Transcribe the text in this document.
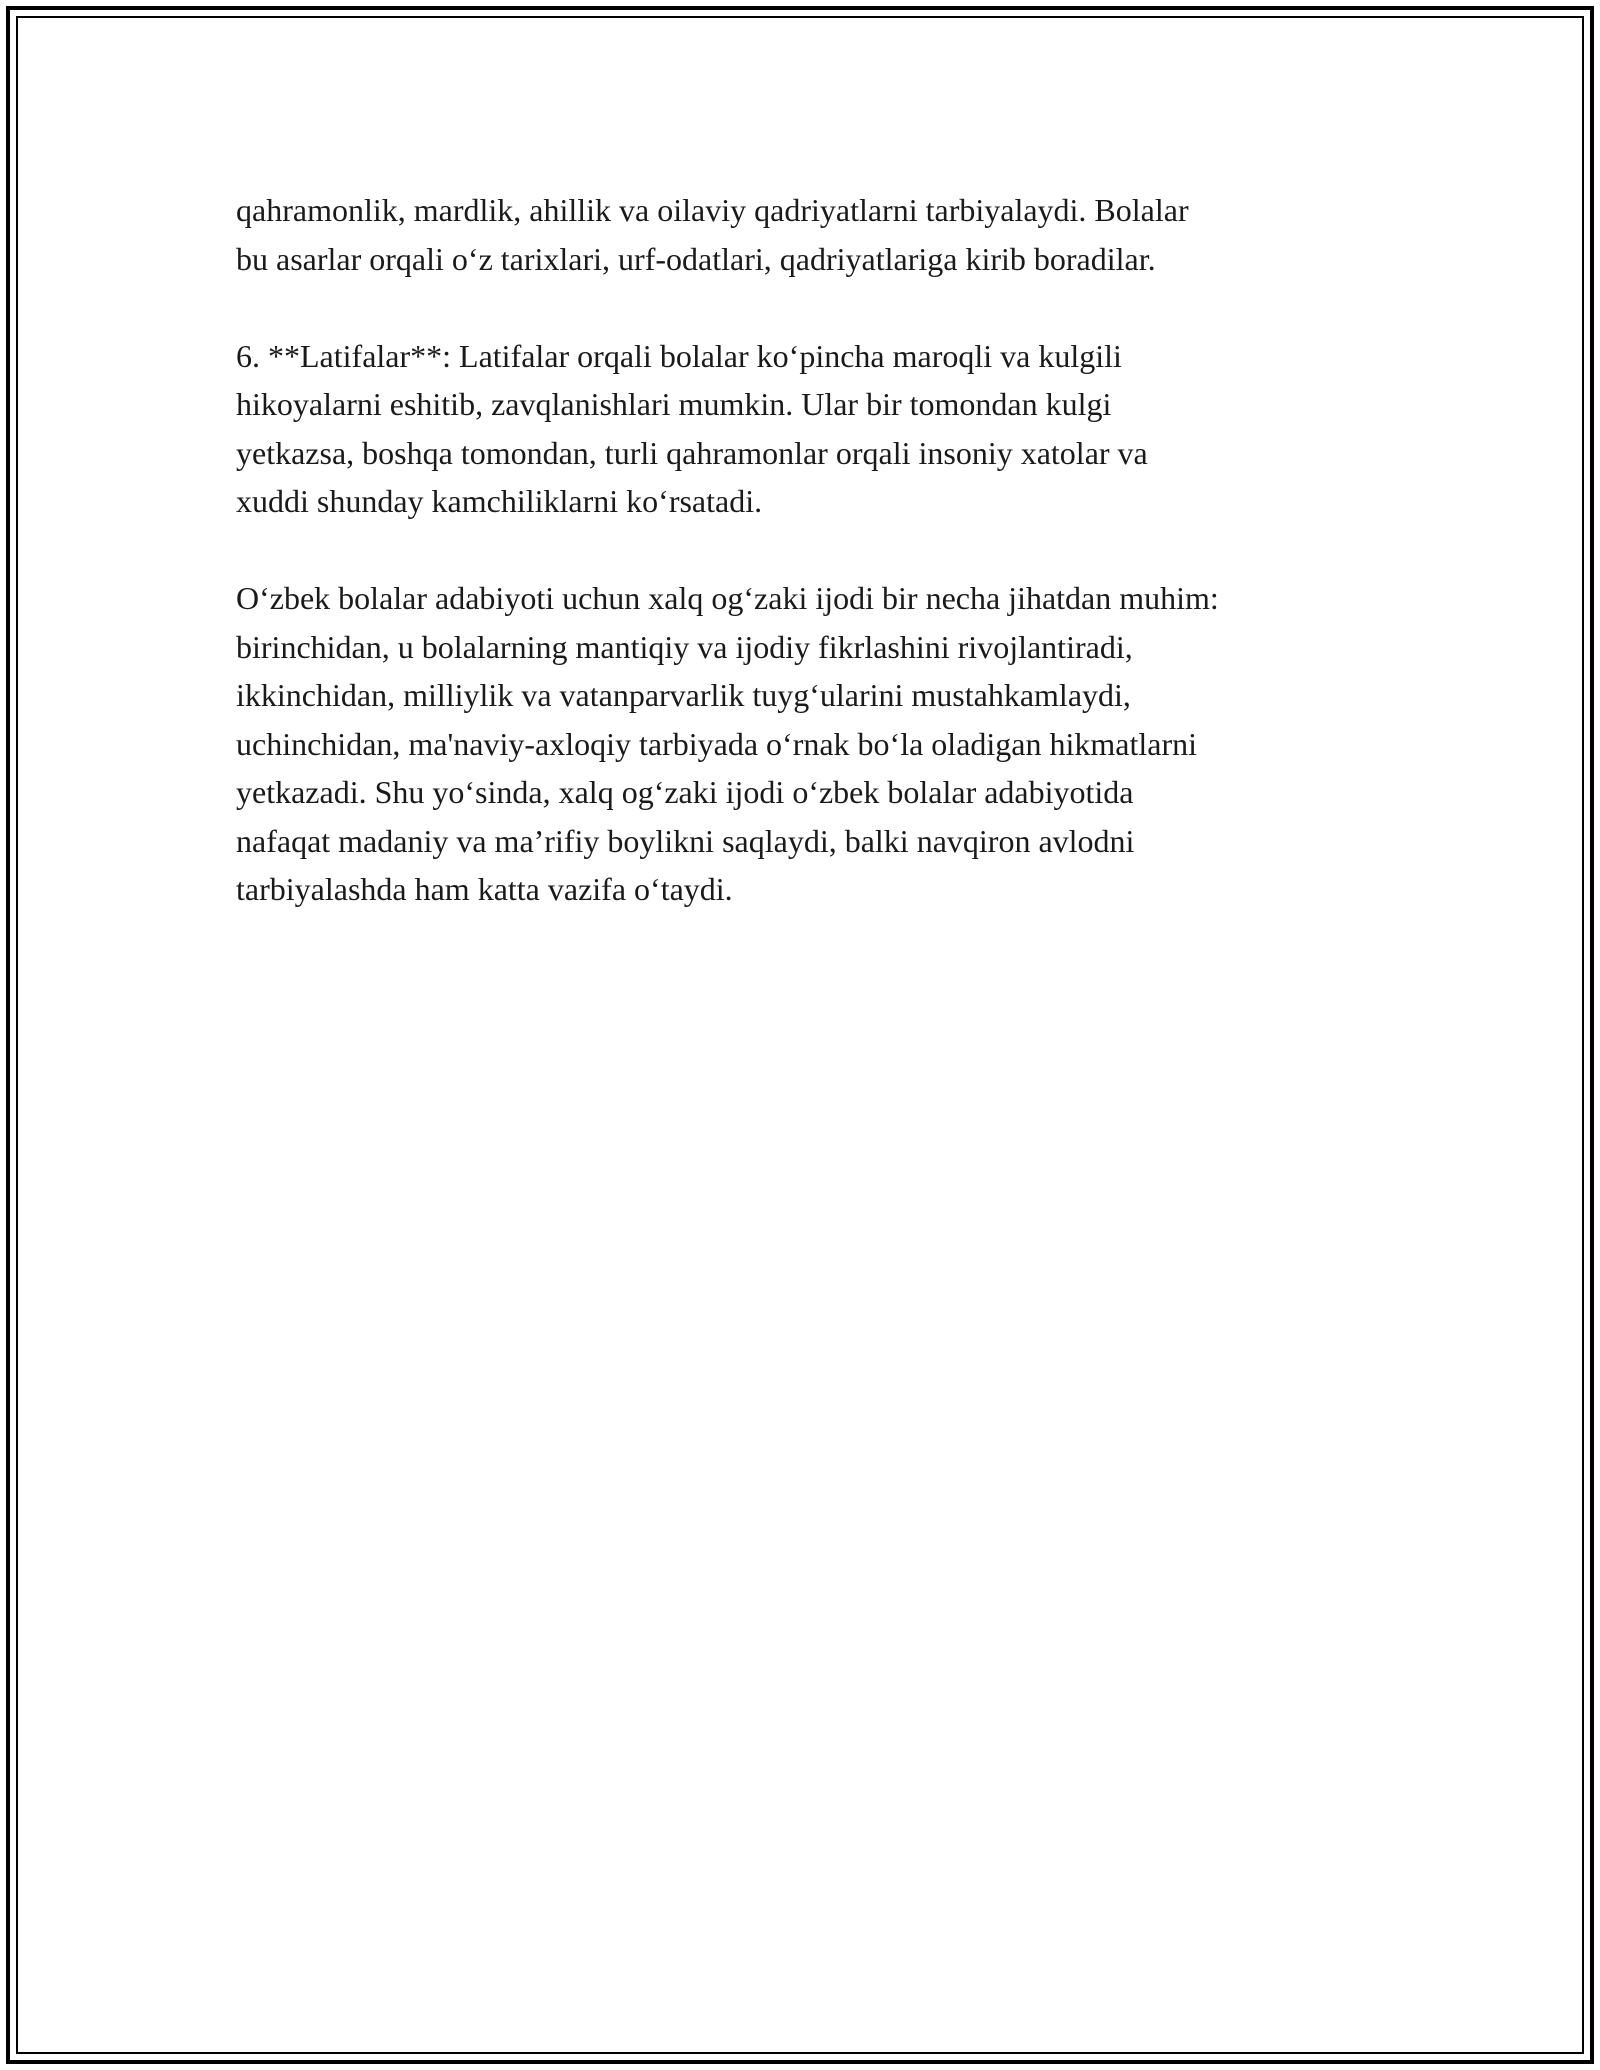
qahramonlik, mardlik, ahillik va oilaviy qadriyatlarni tarbiyalaydi. Bolalar
bu asarlar orqali o‘z tarixlari, urf-odatlari, qadriyatlariga kirib boradilar.

6. **Latifalar**: Latifalar orqali bolalar ko‘pincha maroqli va kulgili
hikoyalarni eshitib, zavqlanishlari mumkin. Ular bir tomondan kulgi
yetkazsa, boshqa tomondan, turli qahramonlar orqali insoniy xatolar va
xuddi shunday kamchiliklarni ko‘rsatadi.

O‘zbek bolalar adabiyoti uchun xalq og‘zaki ijodi bir necha jihatdan muhim:
birinchidan, u bolalarning mantiqiy va ijodiy fikrlashini rivojlantiradi,
ikkinchidan, milliylik va vatanparvarlik tuyg‘ularini mustahkamlaydi,
uchinchidan, ma'naviy-axloqiy tarbiyada o‘rnak bo‘la oladigan hikmatlarni
yetkazadi. Shu yo‘sinda, xalq og‘zaki ijodi o‘zbek bolalar adabiyotida
nafaqat madaniy va ma’rifiy boylikni saqlaydi, balki navqiron avlodni
tarbiyalashda ham katta vazifa o‘taydi.
